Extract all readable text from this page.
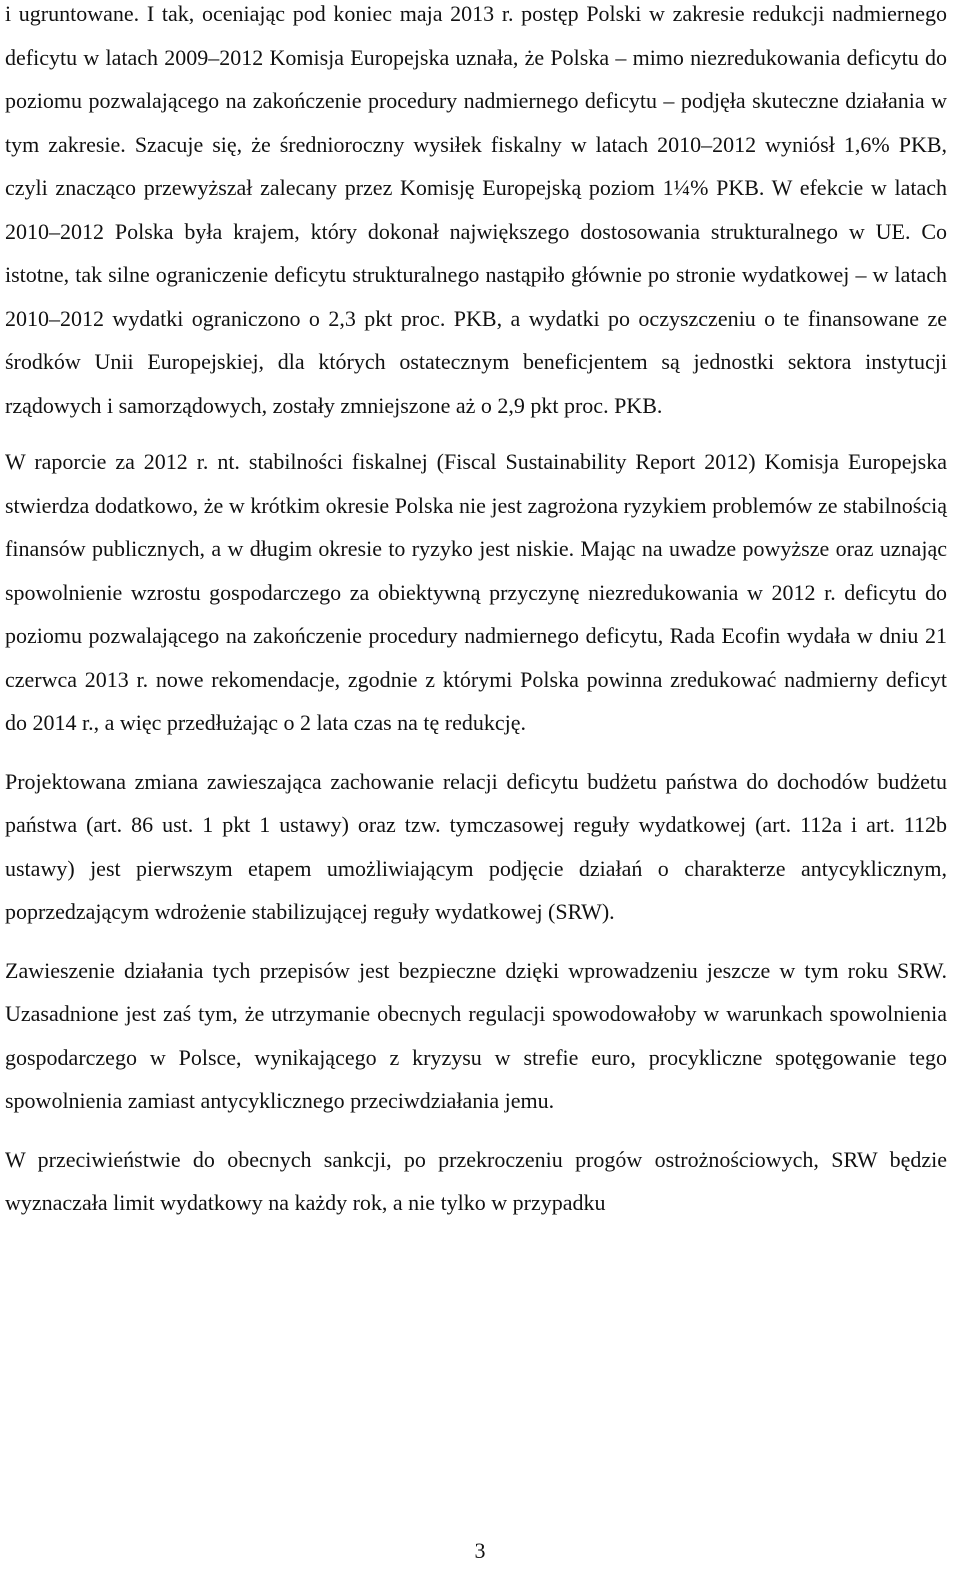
i ugruntowane. I tak, oceniając pod koniec maja 2013 r. postęp Polski w zakresie redukcji nadmiernego deficytu w latach 2009–2012 Komisja Europejska uznała, że Polska – mimo niezredukowania deficytu do poziomu pozwalającego na zakończenie procedury nadmiernego deficytu – podjęła skuteczne działania w tym zakresie. Szacuje się, że średnioroczny wysiłek fiskalny w latach 2010–2012 wyniósł 1,6% PKB, czyli znacząco przewyższał zalecany przez Komisję Europejską poziom 1¼% PKB. W efekcie w latach 2010–2012 Polska była krajem, który dokonał największego dostosowania strukturalnego w UE. Co istotne, tak silne ograniczenie deficytu strukturalnego nastąpiło głównie po stronie wydatkowej – w latach 2010–2012 wydatki ograniczono o 2,3 pkt proc. PKB, a wydatki po oczyszczeniu o te finansowane ze środków Unii Europejskiej, dla których ostatecznym beneficjentem są jednostki sektora instytucji rządowych i samorządowych, zostały zmniejszone aż o 2,9 pkt proc. PKB.

W raporcie za 2012 r. nt. stabilności fiskalnej (Fiscal Sustainability Report 2012) Komisja Europejska stwierdza dodatkowo, że w krótkim okresie Polska nie jest zagrożona ryzykiem problemów ze stabilnością finansów publicznych, a w długim okresie to ryzyko jest niskie. Mając na uwadze powyższe oraz uznając spowolnienie wzrostu gospodarczego za obiektywną przyczynę niezredukowania w 2012 r. deficytu do poziomu pozwalającego na zakończenie procedury nadmiernego deficytu, Rada Ecofin wydała w dniu 21 czerwca 2013 r. nowe rekomendacje, zgodnie z którymi Polska powinna zredukować nadmierny deficyt do 2014 r., a więc przedłużając o 2 lata czas na tę redukcję.

Projektowana zmiana zawieszająca zachowanie relacji deficytu budżetu państwa do dochodów budżetu państwa (art. 86 ust. 1 pkt 1 ustawy) oraz tzw. tymczasowej reguły wydatkowej (art. 112a i art. 112b ustawy) jest pierwszym etapem umożliwiającym podjęcie działań o charakterze antycyklicznym, poprzedzającym wdrożenie stabilizującej reguły wydatkowej (SRW).

Zawieszenie działania tych przepisów jest bezpieczne dzięki wprowadzeniu jeszcze w tym roku SRW. Uzasadnione jest zaś tym, że utrzymanie obecnych regulacji spowodowałoby w warunkach spowolnienia gospodarczego w Polsce, wynikającego z kryzysu w strefie euro, procykliczne spotęgowanie tego spowolnienia zamiast antycyklicznego przeciwdziałania jemu.

W przeciwieństwie do obecnych sankcji, po przekroczeniu progów ostrożnościowych, SRW będzie wyznaczała limit wydatkowy na każdy rok, a nie tylko w przypadku

3
